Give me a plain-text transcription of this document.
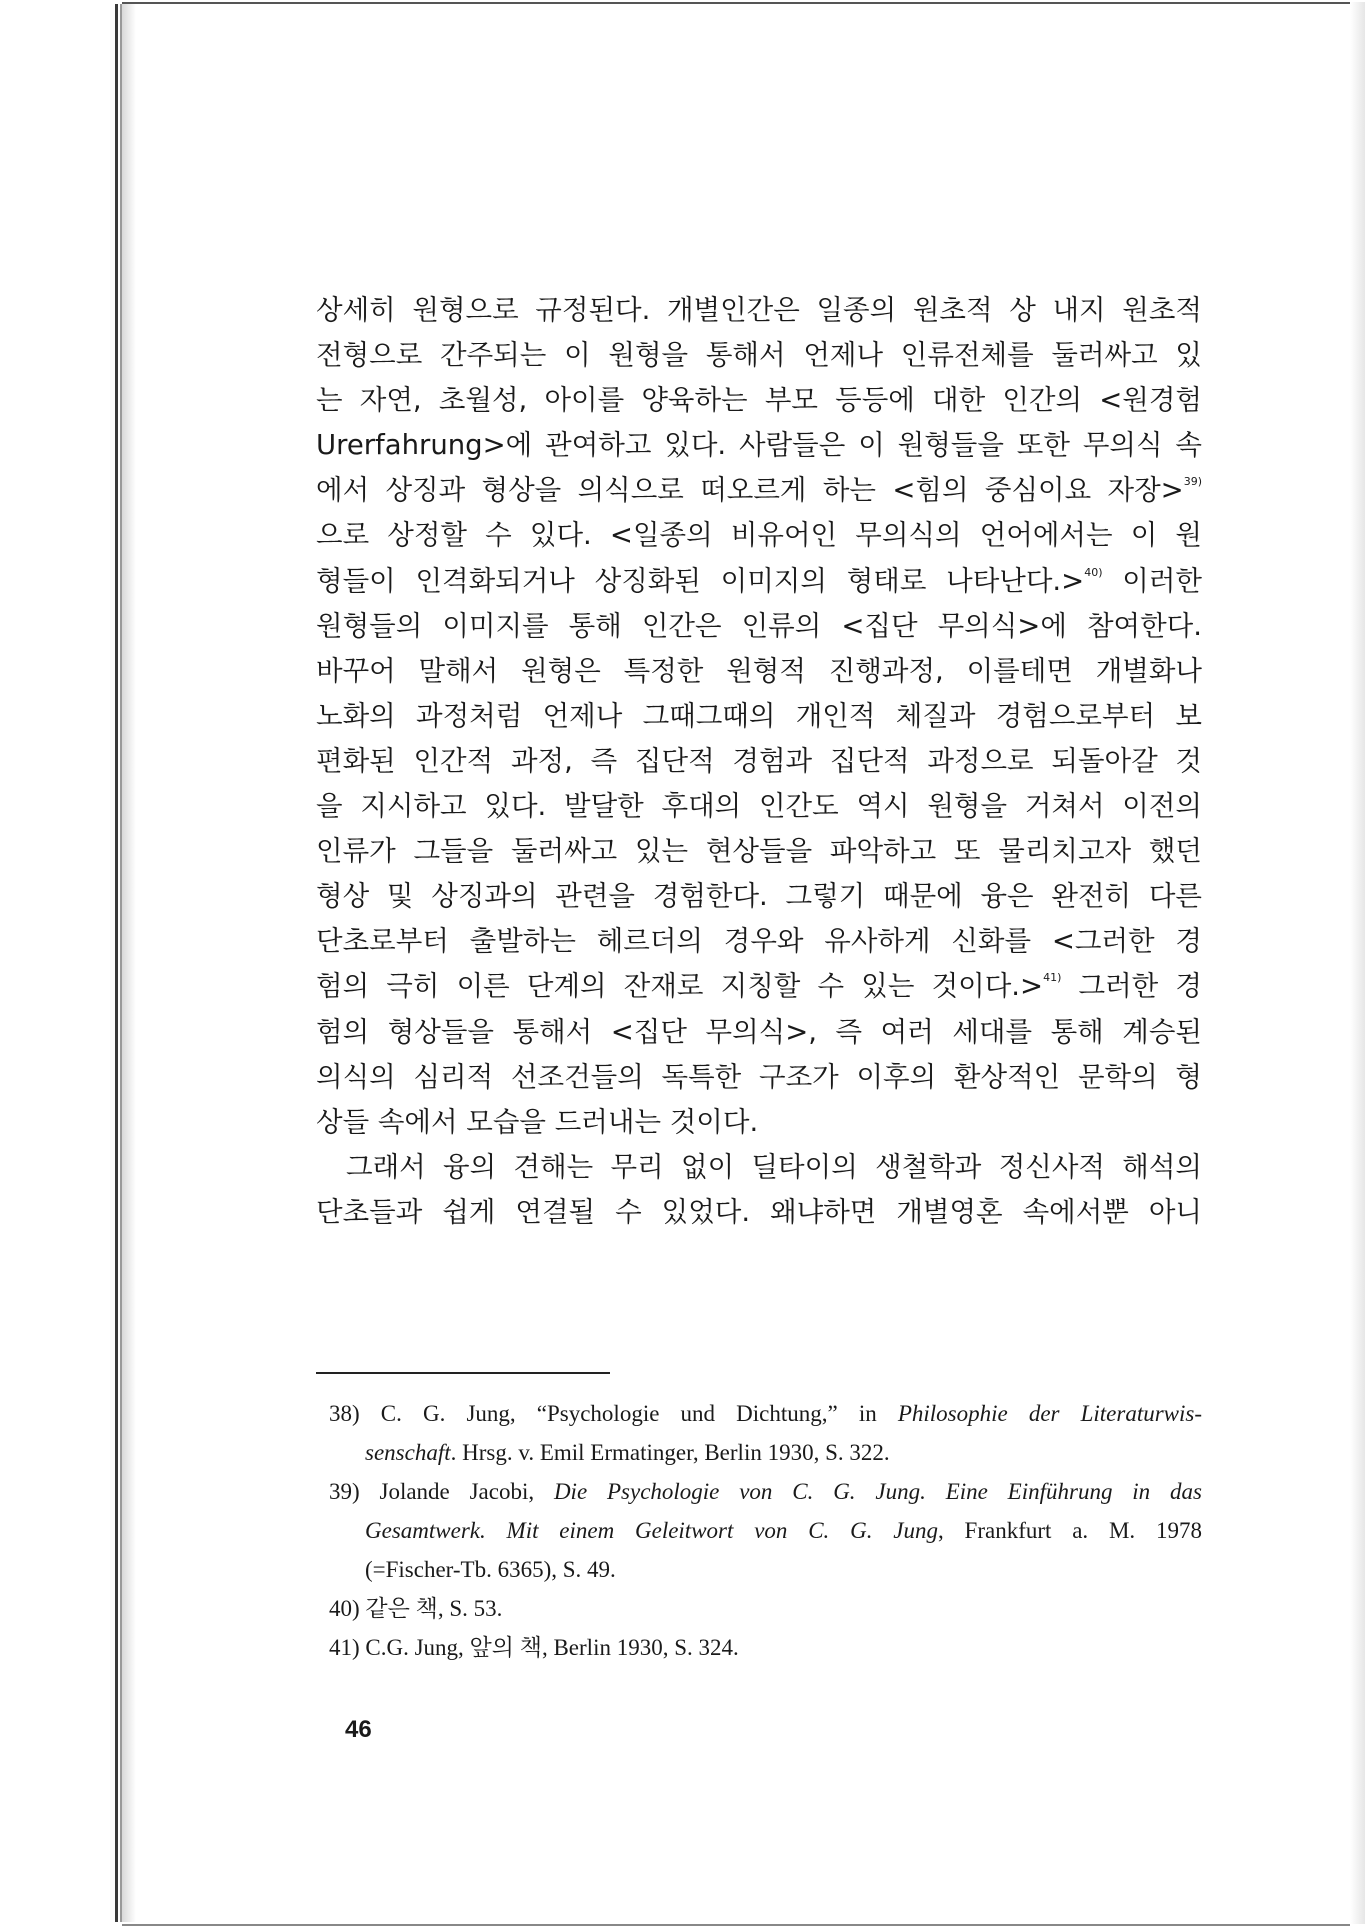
상세히 원형으로 규정된다. 개별인간은 일종의 원초적 상 내지 원초적
전형으로 간주되는 이 원형을 통해서 언제나 인류전체를 둘러싸고 있
는 자연, 초월성, 아이를 양육하는 부모 등등에 대한 인간의 <원경험
Urerfahrung>에 관여하고 있다. 사람들은 이 원형들을 또한 무의식 속
에서 상징과 형상을 의식으로 떠오르게 하는 <힘의 중심이요 자장>$^{39)}$
으로 상정할 수 있다. <일종의 비유어인 무의식의 언어에서는 이 원
형들이 인격화되거나 상징화된 이미지의 형태로 나타난다.>$^{40)}$ 이러한
원형들의 이미지를 통해 인간은 인류의 <집단 무의식>에 참여한다.
바꾸어 말해서 원형은 특정한 원형적 진행과정, 이를테면 개별화나
노화의 과정처럼 언제나 그때그때의 개인적 체질과 경험으로부터 보
편화된 인간적 과정, 즉 집단적 경험과 집단적 과정으로 되돌아갈 것
을 지시하고 있다. 발달한 후대의 인간도 역시 원형을 거쳐서 이전의
인류가 그들을 둘러싸고 있는 현상들을 파악하고 또 물리치고자 했던
형상 및 상징과의 관련을 경험한다. 그렇기 때문에 융은 완전히 다른
단초로부터 출발하는 헤르더의 경우와 유사하게 신화를 <그러한 경
험의 극히 이른 단계의 잔재로 지칭할 수 있는 것이다.>$^{41)}$ 그러한 경
험의 형상들을 통해서 <집단 무의식>, 즉 여러 세대를 통해 계승된
의식의 심리적 선조건들의 독특한 구조가 이후의 환상적인 문학의 형
상들 속에서 모습을 드러내는 것이다.
그래서 융의 견해는 무리 없이 딜타이의 생철학과 정신사적 해석의
단초들과 쉽게 연결될 수 있었다. 왜냐하면 개별영혼 속에서뿐 아니
38) C. G. Jung, “Psychologie und Dichtung,” in Philosophie der Literaturwis-
senschaft. Hrsg. v. Emil Ermatinger, Berlin 1930, S. 322.
39) Jolande Jacobi, Die Psychologie von C. G. Jung. Eine Einführung in das
Gesamtwerk. Mit einem Geleitwort von C. G. Jung, Frankfurt a. M. 1978
(=Fischer-Tb. 6365), S. 49.
40) 같은 책, S. 53.
41) C.G. Jung, 앞의 책, Berlin 1930, S. 324.
46
